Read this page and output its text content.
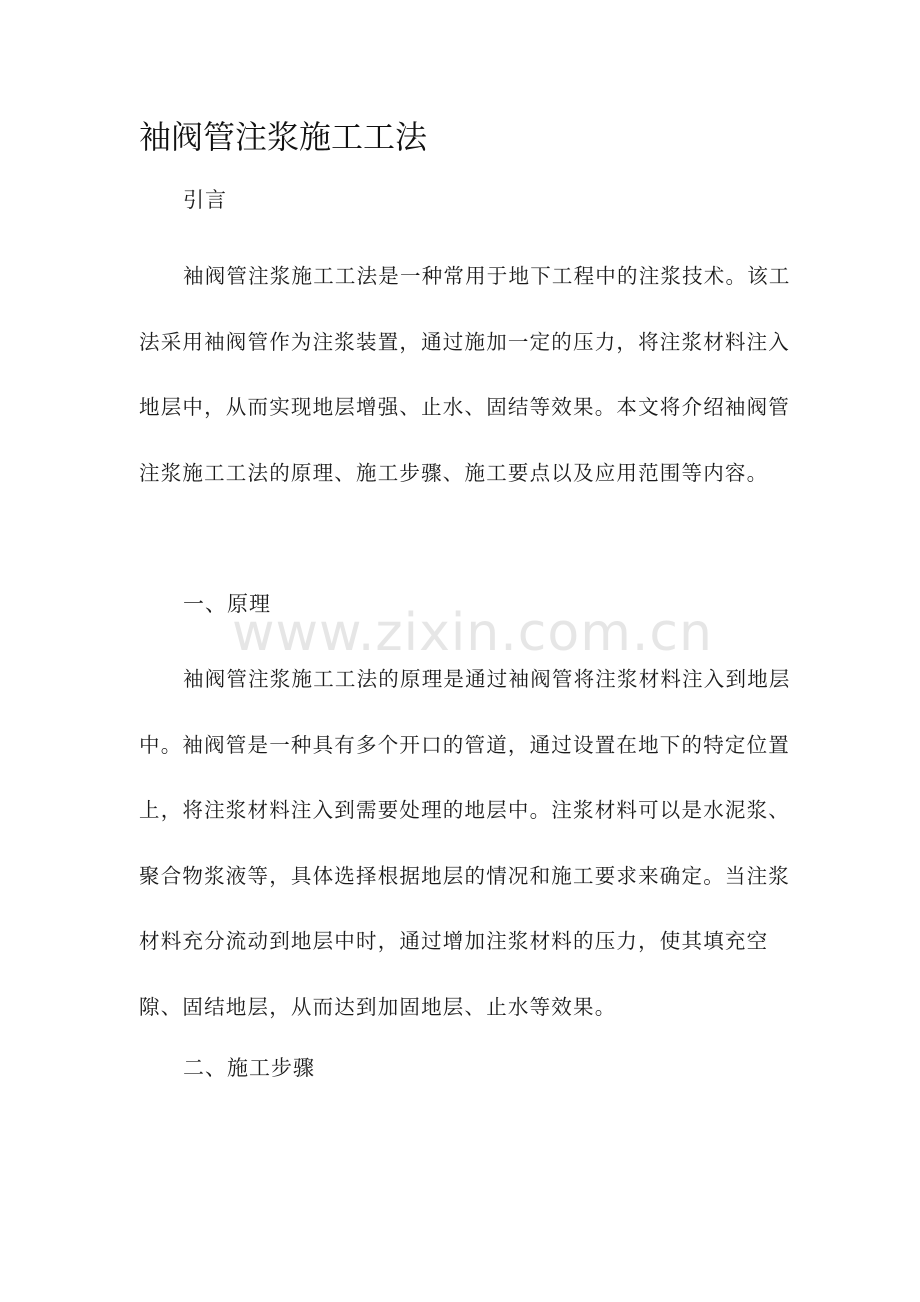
袖阀管注浆施工工法

引言

袖阀管注浆施工工法是一种常用于地下工程中的注浆技术。该工法采用袖阀管作为注浆装置，通过施加一定的压力，将注浆材料注入地层中，从而实现地层增强、止水、固结等效果。本文将介绍袖阀管注浆施工工法的原理、施工步骤、施工要点以及应用范围等内容。

一、原理

袖阀管注浆施工工法的原理是通过袖阀管将注浆材料注入到地层中。袖阀管是一种具有多个开口的管道，通过设置在地下的特定位置上，将注浆材料注入到需要处理的地层中。注浆材料可以是水泥浆、聚合物浆液等，具体选择根据地层的情况和施工要求来确定。当注浆材料充分流动到地层中时，通过增加注浆材料的压力，使其填充空隙、固结地层，从而达到加固地层、止水等效果。

二、施工步骤

www.zixin.com.cn
